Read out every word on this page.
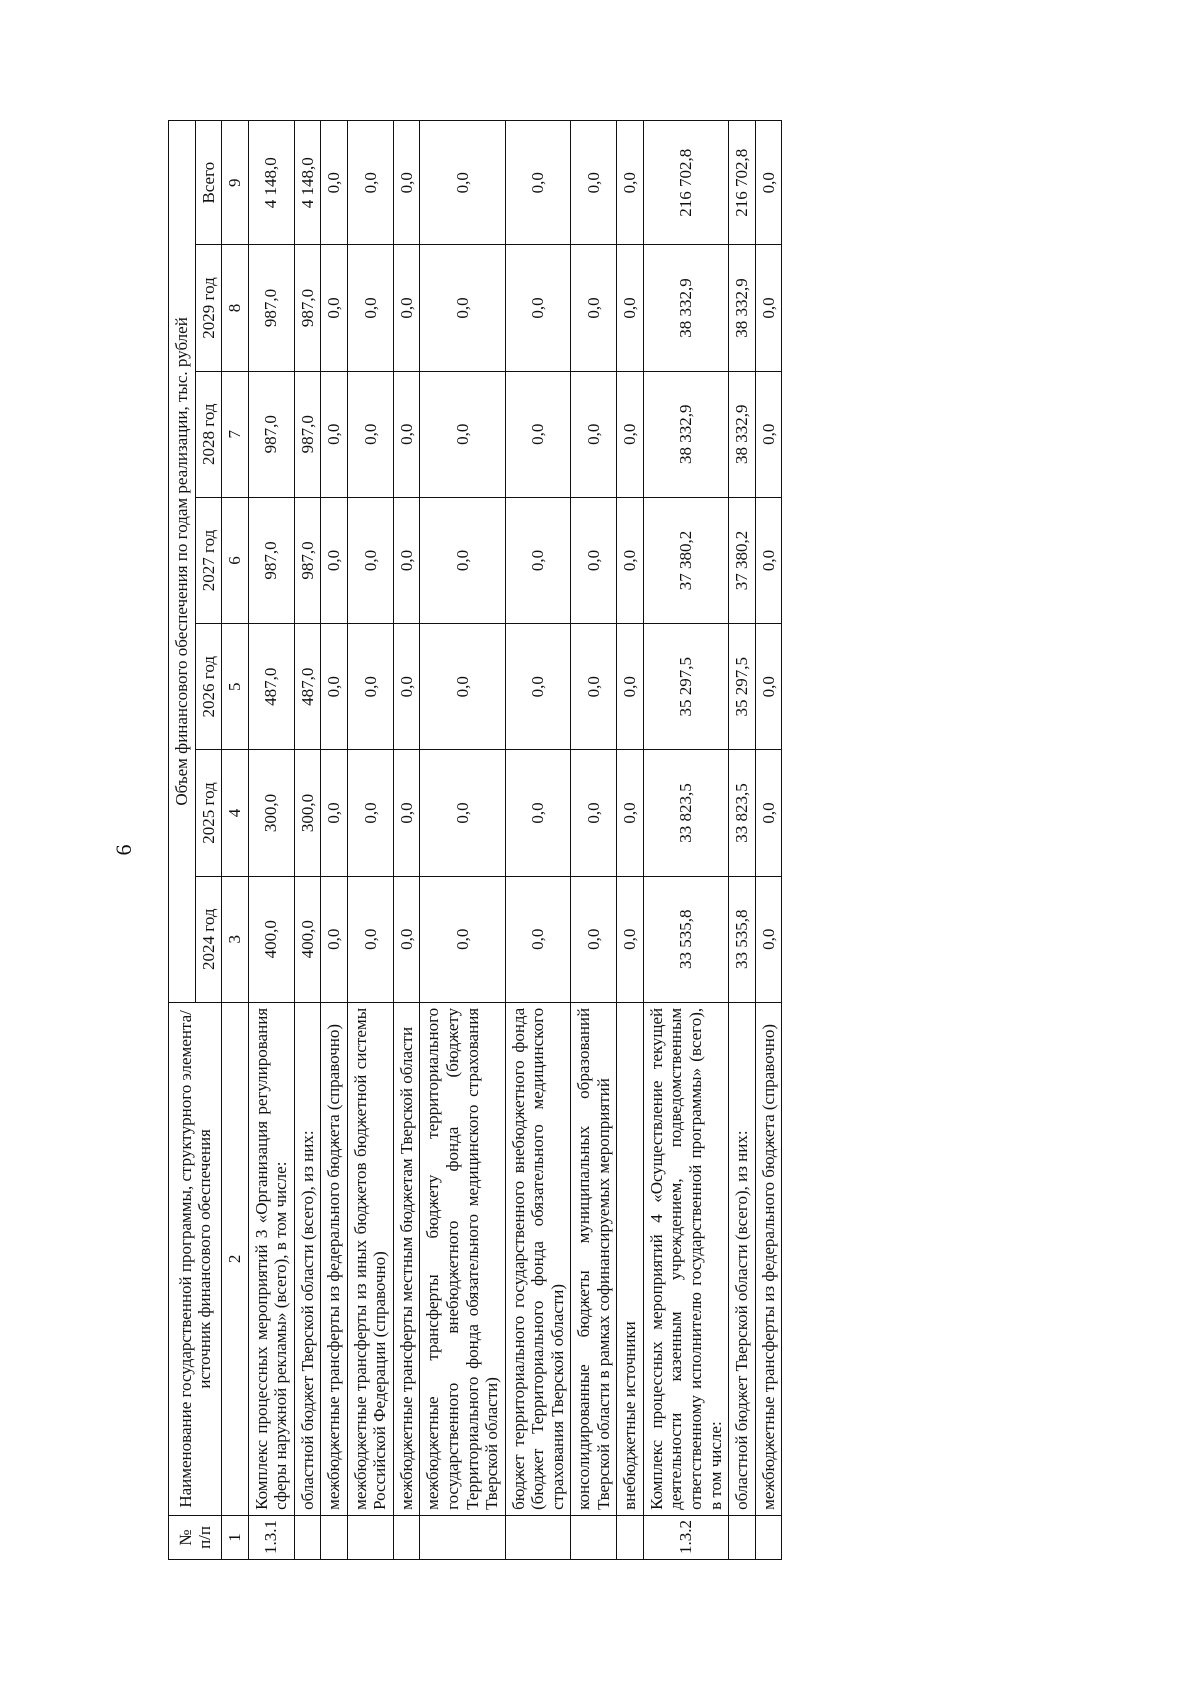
6
№ п/п	Наименование государственной программы, структурного элемента/источник финансового обеспечения	Объем финансового обеспечения по годам реализации, тыс. рублей						
		2024 год	2025 год	2026 год	2027 год	2028 год	2029 год	Всего
1	2	3	4	5	6	7	8	9
1.3.1	Комплекс процессных мероприятий 3 «Организация регулирования сферы наружной рекламы» (всего), в том числе:	400,0	300,0	487,0	987,0	987,0	987,0	4 148,0
	областной бюджет Тверской области (всего), из них:	400,0	300,0	487,0	987,0	987,0	987,0	4 148,0
	межбюджетные трансферты из федерального бюджета (справочно)	0,0	0,0	0,0	0,0	0,0	0,0	0,0
	межбюджетные трансферты из иных бюджетов бюджетной системы Российской Федерации (справочно)	0,0	0,0	0,0	0,0	0,0	0,0	0,0
	межбюджетные трансферты местным бюджетам Тверской области	0,0	0,0	0,0	0,0	0,0	0,0	0,0
	межбюджетные трансферты бюджету территориального государственного внебюджетного фонда (бюджету Территориального фонда обязательного медицинского страхования Тверской области)	0,0	0,0	0,0	0,0	0,0	0,0	0,0
	бюджет территориального государственного внебюджетного фонда (бюджет Территориального фонда обязательного медицинского страхования Тверской области)	0,0	0,0	0,0	0,0	0,0	0,0	0,0
	консолидированные бюджеты муниципальных образований Тверской области в рамках софинансируемых мероприятий	0,0	0,0	0,0	0,0	0,0	0,0	0,0
	внебюджетные источники	0,0	0,0	0,0	0,0	0,0	0,0	0,0
1.3.2	Комплекс процессных мероприятий 4 «Осуществление текущей деятельности казенным учреждением, подведомственным ответственному исполнителю государственной программы» (всего), в том числе:	33 535,8	33 823,5	35 297,5	37 380,2	38 332,9	38 332,9	216 702,8
	областной бюджет Тверской области (всего), из них:	33 535,8	33 823,5	35 297,5	37 380,2	38 332,9	38 332,9	216 702,8
	межбюджетные трансферты из федерального бюджета (справочно)	0,0	0,0	0,0	0,0	0,0	0,0	0,0
